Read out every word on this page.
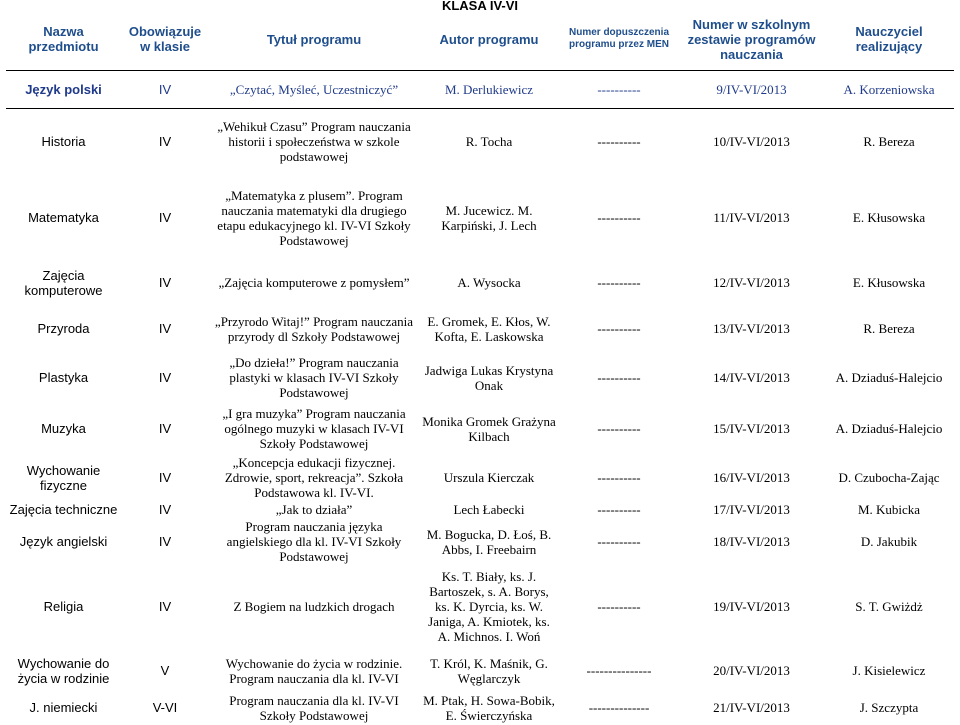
KLASA IV-VI
Nazwa przedmiotu	Obowiązuje w klasie	Tytuł programu	Autor programu	Numer dopuszczenia programu przez MEN	Numer w szkolnym zestawie programów nauczania	Nauczyciel realizujący
Język polski	IV	„Czytać, Myśleć, Uczestniczyć”	M. Derlukiewicz	----------	9/IV-VI/2013	A. Korzeniowska
Historia	IV	„Wehikuł Czasu” Program nauczania historii i społeczeństwa w szkole podstawowej	R. Tocha	----------	10/IV-VI/2013	R. Bereza
Matematyka	IV	„Matematyka z plusem”. Program nauczania matematyki dla drugiego etapu edukacyjnego kl. IV-VI Szkoły Podstawowej	M. Jucewicz. M. Karpiński, J. Lech	----------	11/IV-VI/2013	E. Kłusowska
Zajęcia komputerowe	IV	„Zajęcia komputerowe z pomysłem”	A. Wysocka	----------	12/IV-VI/2013	E. Kłusowska
Przyroda	IV	„Przyrodo Witaj!” Program nauczania przyrody dl Szkoły Podstawowej	E. Gromek, E. Kłos, W. Kofta, E. Laskowska	----------	13/IV-VI/2013	R. Bereza
Plastyka	IV	„Do dzieła!” Program nauczania plastyki w klasach IV-VI Szkoły Podstawowej	Jadwiga Lukas Krystyna Onak	----------	14/IV-VI/2013	A. Dziaduś-Halejcio
Muzyka	IV	„I gra muzyka” Program nauczania ogólnego muzyki w klasach IV-VI Szkoły Podstawowej	Monika Gromek Grażyna Kilbach	----------	15/IV-VI/2013	A. Dziaduś-Halejcio
Wychowanie fizyczne	IV	„Koncepcja edukacji fizycznej. Zdrowie, sport, rekreacja”. Szkoła Podstawowa kl. IV-VI.	Urszula Kierczak	----------	16/IV-VI/2013	D. Czubocha-Zając
Zajęcia techniczne	IV	„Jak to działa”	Lech Łabecki	----------	17/IV-VI/2013	M. Kubicka
Język angielski	IV	Program nauczania języka angielskiego dla kl. IV-VI Szkoły Podstawowej	M. Bogucka, D. Łoś, B. Abbs, I. Freebairn	----------	18/IV-VI/2013	D. Jakubik
Religia	IV	Z Bogiem na ludzkich drogach	Ks. T. Biały, ks. J. Bartoszek, s. A. Borys, ks. K. Dyrcia, ks. W. Janiga, A. Kmiotek, ks. A. Michnos. I. Woń	----------	19/IV-VI/2013	S. T. Gwiżdż
Wychowanie do życia w rodzinie	V	Wychowanie do życia w rodzinie. Program nauczania dla kl. IV-VI	T. Król, K. Maśnik, G. Węglarczyk	---------------	20/IV-VI/2013	J. Kisielewicz
J. niemiecki	V-VI	Program nauczania dla kl. IV-VI Szkoły Podstawowej	M. Ptak, H. Sowa-Bobik, E. Świerczyńska	--------------	21/IV-VI/2013	J. Szczypta
